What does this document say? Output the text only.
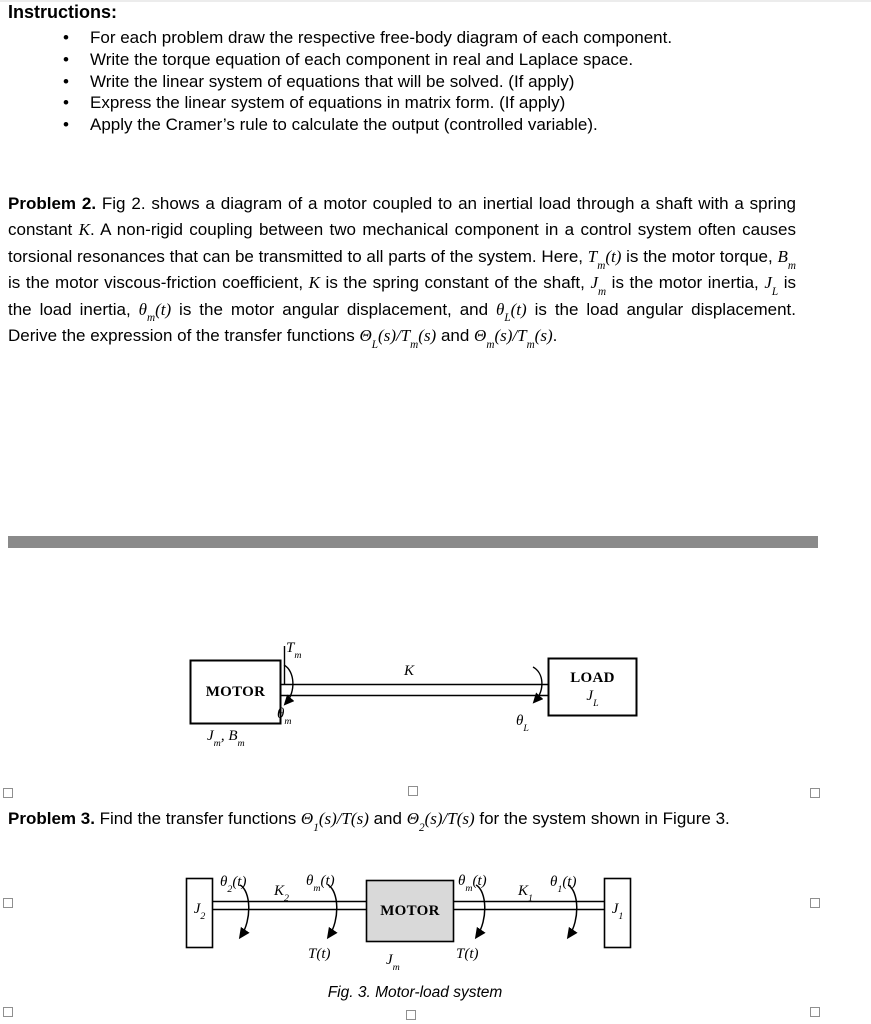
Instructions:
• For each problem draw the respective free-body diagram of each component.
• Write the torque equation of each component in real and Laplace space.
• Write the linear system of equations that will be solved. (If apply)
• Express the linear system of equations in matrix form. (If apply)
• Apply the Cramer’s rule to calculate the output (controlled variable).
Problem 2. Fig 2. shows a diagram of a motor coupled to an inertial load through a shaft with a spring constant K. A non-rigid coupling between two mechanical component in a control system often causes torsional resonances that can be transmitted to all parts of the system. Here, $T_m(t)$ is the motor torque, $B_m$ is the motor viscous-friction coefficient, K is the spring constant of the shaft, $J_m$ is the motor inertia, $J_L$ is the load inertia, $\theta_m(t)$ is the motor angular displacement, and $\theta_L(t)$ is the load angular displacement. Derive the expression of the transfer functions $\Theta_L(s)/T_m(s)$ and $\Theta_m(s)/T_m(s)$.
MOTOR
LOAD
$J_L$
$T_m$
$\theta_m$
K
$\theta_L$
$J_m$, $B_m$
Problem 3. Find the transfer functions $\Theta_1(s)/T(s)$ and $\Theta_2(s)/T(s)$ for the system shown in Figure 3.
$J_2$	$J_1$
MOTOR
$\theta_2(t)$
$K_2$
$\theta_m(t)$
T(t)	$J_m$
$\theta_m(t)$
$K_1$
$\theta_1(t)$
T(t)
Fig. 3. Motor-load system
